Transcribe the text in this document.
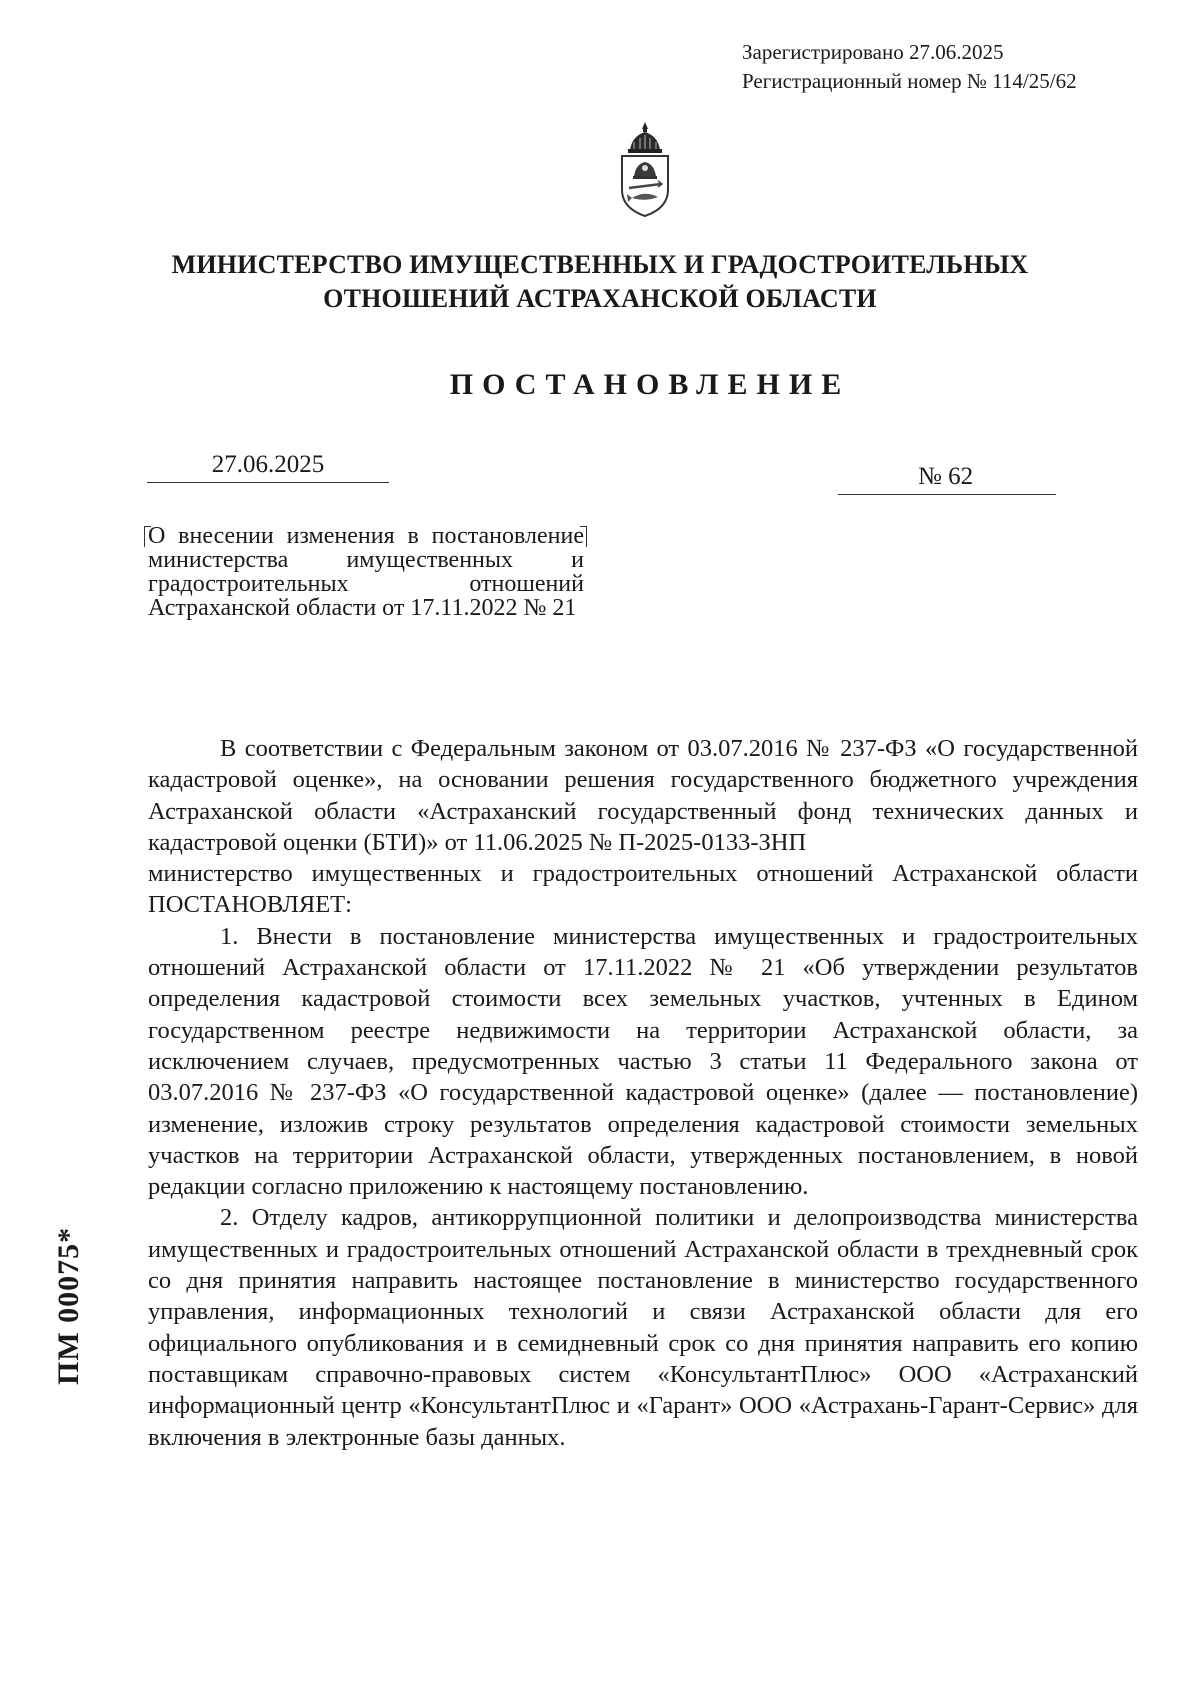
Зарегистрировано 27.06.2025
Регистрационный номер № 114/25/62
МИНИСТЕРСТВО ИМУЩЕСТВЕННЫХ И ГРАДОСТРОИТЕЛЬНЫХ
ОТНОШЕНИЙ АСТРАХАНСКОЙ ОБЛАСТИ
ПОСТАНОВЛЕНИЕ
27.06.2025	№ 62
О внесении изменения в постановление министерства имущественных и градостроительных отношений Астраханской области от 17.11.2022 № 21

В соответствии с Федеральным законом от 03.07.2016 № 237-ФЗ «О государственной кадастровой оценке», на основании решения государственного бюджетного учреждения Астраханской области «Астраханский государственный фонд технических данных и кадастровой оценки (БТИ)» от 11.06.2025 № П-2025-0133-ЗНП

министерство имущественных и градостроительных отношений Астраханской области ПОСТАНОВЛЯЕТ:

1. Внести в постановление министерства имущественных и градостроительных отношений Астраханской области от 17.11.2022 № 21 «Об утверждении результатов определения кадастровой стоимости всех земельных участков, учтенных в Едином государственном реестре недвижимости на территории Астраханской области, за исключением случаев, предусмотренных частью 3 статьи 11 Федерального закона от 03.07.2016 № 237-ФЗ «О государственной кадастровой оценке» (далее — постановление) изменение, изложив строку результатов определения кадастровой стоимости земельных участков на территории Астраханской области, утвержденных постановлением, в новой редакции согласно приложению к настоящему постановлению.

2. Отделу кадров, антикоррупционной политики и делопроизводства министерства имущественных и градостроительных отношений Астраханской области в трехдневный срок со дня принятия направить настоящее постановление в министерство государственного управления, информационных технологий и связи Астраханской области для его официального опубликования и в семидневный срок со дня принятия направить его копию поставщикам справочно-правовых систем «КонсультантПлюс» ООО «Астраханский информационный центр «КонсультантПлюс и «Гарант» ООО «Астрахань-Гарант-Сервис» для включения в электронные базы данных.

ПМ 00075*
